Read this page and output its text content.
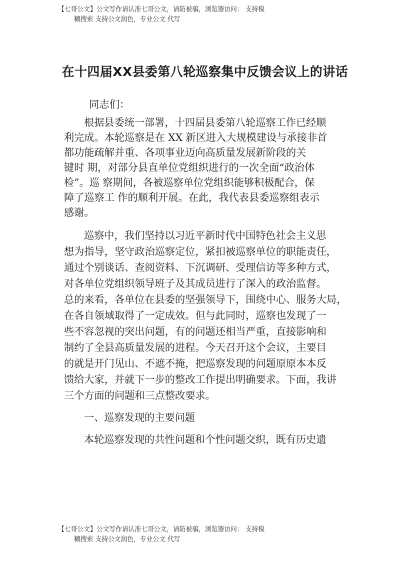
【七哥公文】公文写作请认准七哥公文，请防被骗，浏览器访问： 支持模
糊搜索 支持公文润色，专业公文 代写
在十四届XX县委第八轮巡察集中反馈会议上的讲话
同志们：
根据县委统一部署，十四届县委第八轮巡察工作已经顺
利完成。本轮巡察是在 XX 新区进入大规模建设与承接非首
都功能疏解并重、各项事业迈向高质量发展新阶段的关
键时 期，对部分县直单位党组织进行的一次全面“政治体
检”。巡 察期间，各被巡察单位党组织能够积极配合，保
障了巡察工 作的顺利开展。在此，我代表县委巡察组表示
感谢。
巡察中，我们坚持以习近平新时代中国特色社会主义思
想为指导，坚守政治巡察定位，紧扣被巡察单位的职能责任，
通过个别谈话、查阅资料、下沉调研、受理信访等多种方式，
对各单位党组织领导班子及其成员进行了深入的政治监督。
总的来看，各单位在县委的坚强领导下，围绕中心、服务大局，
在各自领域取得了一定成效。但与此同时，巡察也发现了一
些不容忽视的突出问题，有的问题还相当严重，直接影响和
制约了全县高质量发展的进程。今天召开这个会议，主要目
的就是开门见山、不遮不掩，把巡察发现的问题原原本本反
馈给大家，并就下一步的整改工作提出明确要求。下面，我讲
三个方面的问题和三点整改要求。
一、巡察发现的主要问题
本轮巡察发现的共性问题和个性问题交织，既有历史遗
【七哥公文】公文写作请认准七哥公文，请防被骗，浏览器访问： 支持模
糊搜索 支持公文润色，专业公文 代写
